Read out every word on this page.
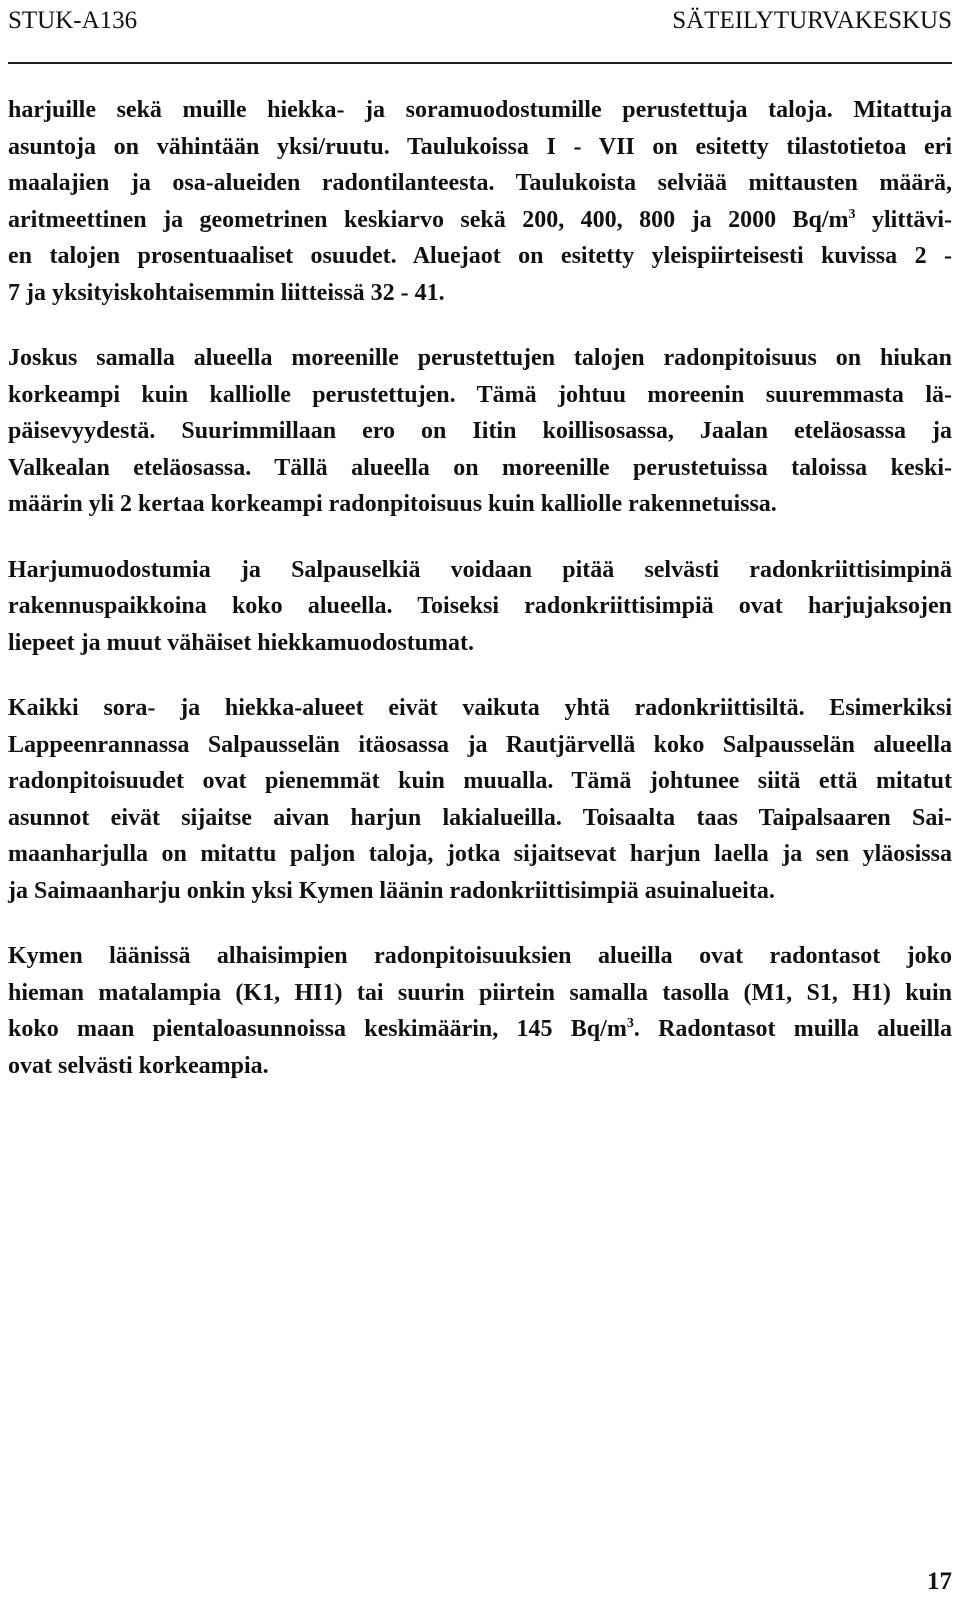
STUK-A136	SÄTEILYTURVAKESKUS
harjuille sekä muille hiekka- ja soramuodostumille perustettuja taloja. Mitattuja
asuntoja on vähintään yksi/ruutu. Taulukoissa I - VII on esitetty tilastotietoa eri
maalajien ja osa-alueiden radontilanteesta. Taulukoista selviää mittausten määrä,
aritmeettinen ja geometrinen keskiarvo sekä 200, 400, 800 ja 2000 $Bq/m^3$ ylittävi-
en talojen prosentuaaliset osuudet. Aluejaot on esitetty yleispiirteisesti kuvissa 2 -
7 ja yksityiskohtaisemmin liitteissä 32 - 41.
Joskus samalla alueella moreenille perustettujen talojen radonpitoisuus on hiukan
korkeampi kuin kalliolle perustettujen. Tämä johtuu moreenin suuremmasta lä-
päisevyydestä. Suurimmillaan ero on Iitin koillisosassa, Jaalan eteläosassa ja
Valkealan eteläosassa. Tällä alueella on moreenille perustetuissa taloissa keski-
määrin yli 2 kertaa korkeampi radonpitoisuus kuin kalliolle rakennetuissa.
Harjumuodostumia ja Salpauselkiä voidaan pitää selvästi radonkriittisimpinä
rakennuspaikkoina koko alueella. Toiseksi radonkriittisimpiä ovat harjujaksojen
liepeet ja muut vähäiset hiekkamuodostumat.
Kaikki sora- ja hiekka-alueet eivät vaikuta yhtä radonkriittisiltä. Esimerkiksi
Lappeenrannassa Salpausselän itäosassa ja Rautjärvellä koko Salpausselän alueella
radonpitoisuudet ovat pienemmät kuin muualla. Tämä johtunee siitä että mitatut
asunnot eivät sijaitse aivan harjun lakialueilla. Toisaalta taas Taipalsaaren Sai-
maanharjulla on mitattu paljon taloja, jotka sijaitsevat harjun laella ja sen yläosissa
ja Saimaanharju onkin yksi Kymen läänin radonkriittisimpiä asuinalueita.
Kymen läänissä alhaisimpien radonpitoisuuksien alueilla ovat radontasot joko
hieman matalampia (K1, HI1) tai suurin piirtein samalla tasolla (M1, S1, H1) kuin
koko maan pientaloasunnoissa keskimäärin, 145 $Bq/m^3$. Radontasot muilla alueilla
ovat selvästi korkeampia.
17
